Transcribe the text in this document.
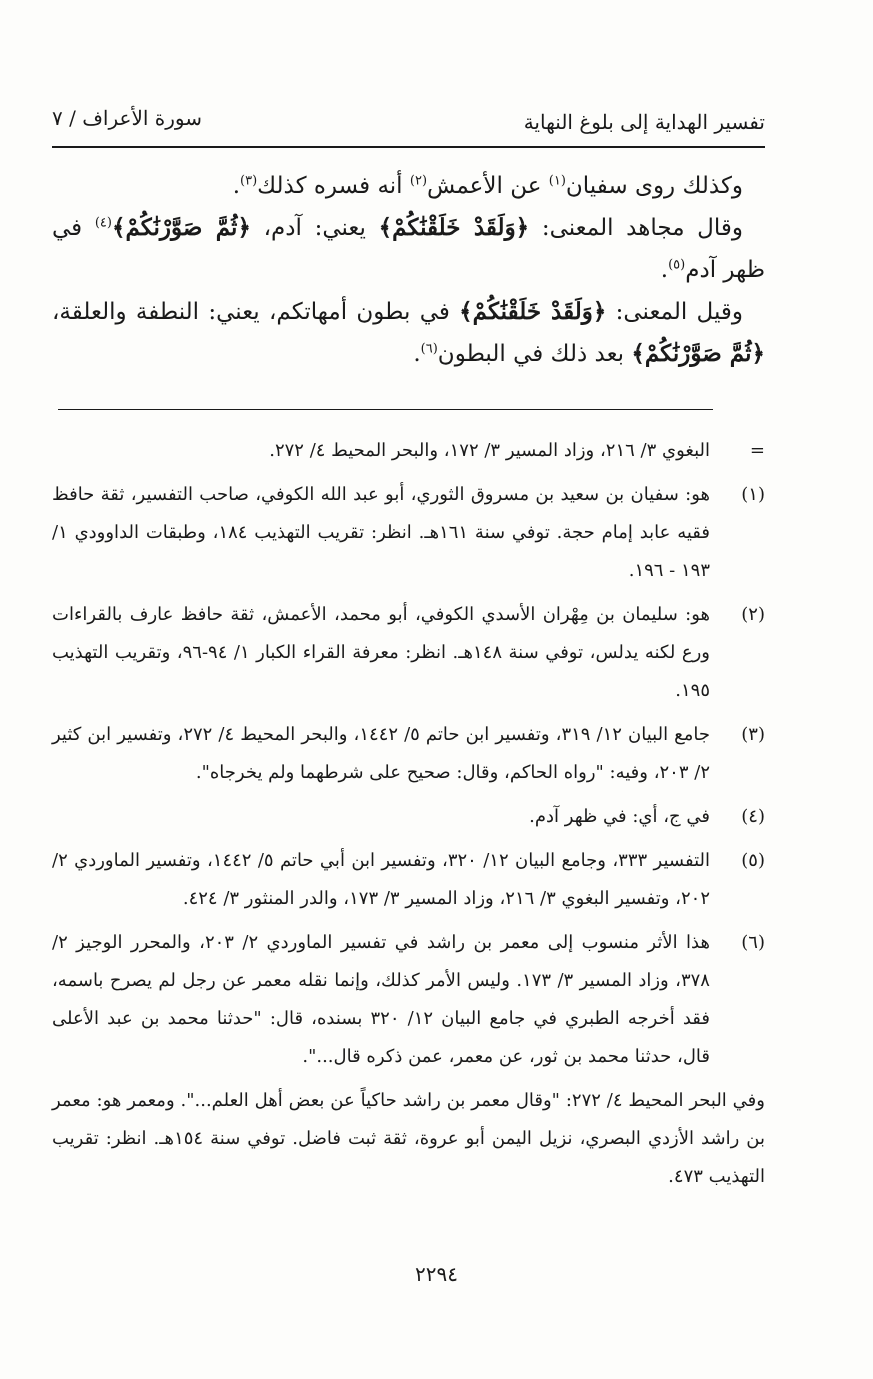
تفسير الهداية إلى بلوغ النهاية
سورة الأعراف / ٧

وكذلك روى سفيان$^{(١)}$ عن الأعمش$^{(٢)}$ أنه فسره كذلك$^{(٣)}$.

وقال مجاهد المعنى: ﴿وَلَقَدْ خَلَقْنَٰكُمْ﴾ يعني: آدم، ﴿ثُمَّ صَوَّرْنَٰكُمْ﴾$^{(٤)}$ في ظهر آدم$^{(٥)}$.

وقيل المعنى: ﴿وَلَقَدْ خَلَقْنَٰكُمْ﴾ في بطون أمهاتكم، يعني: النطفة والعلقة، ﴿ثُمَّ صَوَّرْنَٰكُمْ﴾ بعد ذلك في البطون$^{(٦)}$.

=
البغوي ٣/ ٢١٦، وزاد المسير ٣/ ١٧٢، والبحر المحيط ٤/ ٢٧٢.
(١)
هو: سفيان بن سعيد بن مسروق الثوري، أبو عبد الله الكوفي، صاحب التفسير، ثقة حافظ فقيه عابد إمام حجة. توفي سنة ١٦١هـ. انظر: تقريب التهذيب ١٨٤، وطبقات الداوودي ١/ ١٩٣ - ١٩٦.
(٢)
هو: سليمان بن مِهْران الأسدي الكوفي، أبو محمد، الأعمش، ثقة حافظ عارف بالقراءات ورع لكنه يدلس، توفي سنة ١٤٨هـ. انظر: معرفة القراء الكبار ١/ ٩٤-٩٦، وتقريب التهذيب ١٩٥.
(٣)
جامع البيان ١٢/ ٣١٩، وتفسير ابن حاتم ٥/ ١٤٤٢، والبحر المحيط ٤/ ٢٧٢، وتفسير ابن كثير ٢/ ٢٠٣، وفيه: "رواه الحاكم، وقال: صحيح على شرطهما ولم يخرجاه".
(٤)
في ج، أي: في ظهر آدم.
(٥)
التفسير ٣٣٣، وجامع البيان ١٢/ ٣٢٠، وتفسير ابن أبي حاتم ٥/ ١٤٤٢، وتفسير الماوردي ٢/ ٢٠٢، وتفسير البغوي ٣/ ٢١٦، وزاد المسير ٣/ ١٧٣، والدر المنثور ٣/ ٤٢٤.
(٦)
هذا الأثر منسوب إلى معمر بن راشد في تفسير الماوردي ٢/ ٢٠٣، والمحرر الوجيز ٢/ ٣٧٨، وزاد المسير ٣/ ١٧٣. وليس الأمر كذلك، وإنما نقله معمر عن رجل لم يصرح باسمه، فقد أخرجه الطبري في جامع البيان ١٢/ ٣٢٠ بسنده، قال: "حدثنا محمد بن عبد الأعلى قال، حدثنا محمد بن ثور، عن معمر، عمن ذكره قال...".

وفي البحر المحيط ٤/ ٢٧٢: "وقال معمر بن راشد حاكياً عن بعض أهل العلم...". ومعمر هو: معمر بن راشد الأزدي البصري، نزيل اليمن أبو عروة، ثقة ثبت فاضل. توفي سنة ١٥٤هـ. انظر: تقريب التهذيب ٤٧٣.

٢٢٩٤
